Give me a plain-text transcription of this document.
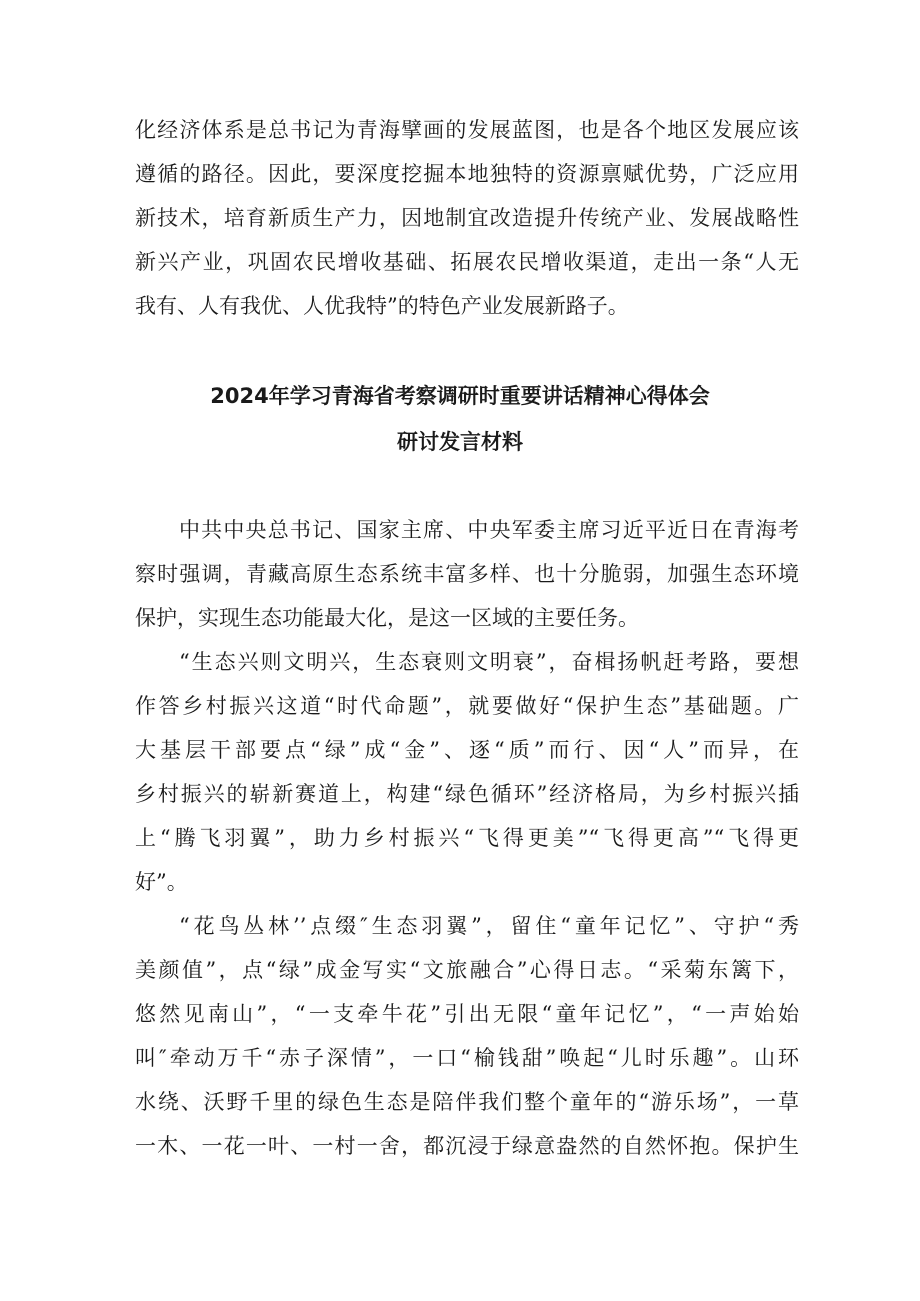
化经济体系是总书记为青海擘画的发展蓝图，也是各个地区发展应该
遵循的路径。因此，要深度挖掘本地独特的资源禀赋优势，广泛应用
新技术，培育新质生产力，因地制宜改造提升传统产业、发展战略性
新兴产业，巩固农民增收基础、拓展农民增收渠道，走出一条“人无
我有、人有我优、人优我特”的特色产业发展新路子。
2024年学习青海省考察调研时重要讲话精神心得体会
研讨发言材料
中共中央总书记、国家主席、中央军委主席习近平近日在青海考
察时强调，青藏高原生态系统丰富多样、也十分脆弱，加强生态环境
保护，实现生态功能最大化，是这一区域的主要任务。
“生态兴则文明兴，生态衰则文明衰”，奋楫扬帆赶考路，要想
作答乡村振兴这道“时代命题”，就要做好“保护生态”基础题。广
大基层干部要点“绿”成“金”、逐“质”而行、因“人”而异，在
乡村振兴的崭新赛道上，构建“绿色循环”经济格局，为乡村振兴插
上“腾飞羽翼”，助力乡村振兴“飞得更美”“飞得更高”“飞得更
好”。
“花鸟丛林’’点缀″生态羽翼”，留住“童年记忆”、守护“秀
美颜值”，点“绿”成金写实“文旅融合”心得日志。“采菊东篱下，
悠然见南山”，“一支牵牛花”引出无限“童年记忆”，“一声始始
叫″牵动万千“赤子深情”，一口“榆钱甜”唤起“儿时乐趣”。山环
水绕、沃野千里的绿色生态是陪伴我们整个童年的“游乐场”，一草
一木、一花一叶、一村一舍，都沉浸于绿意盎然的自然怀抱。保护生
